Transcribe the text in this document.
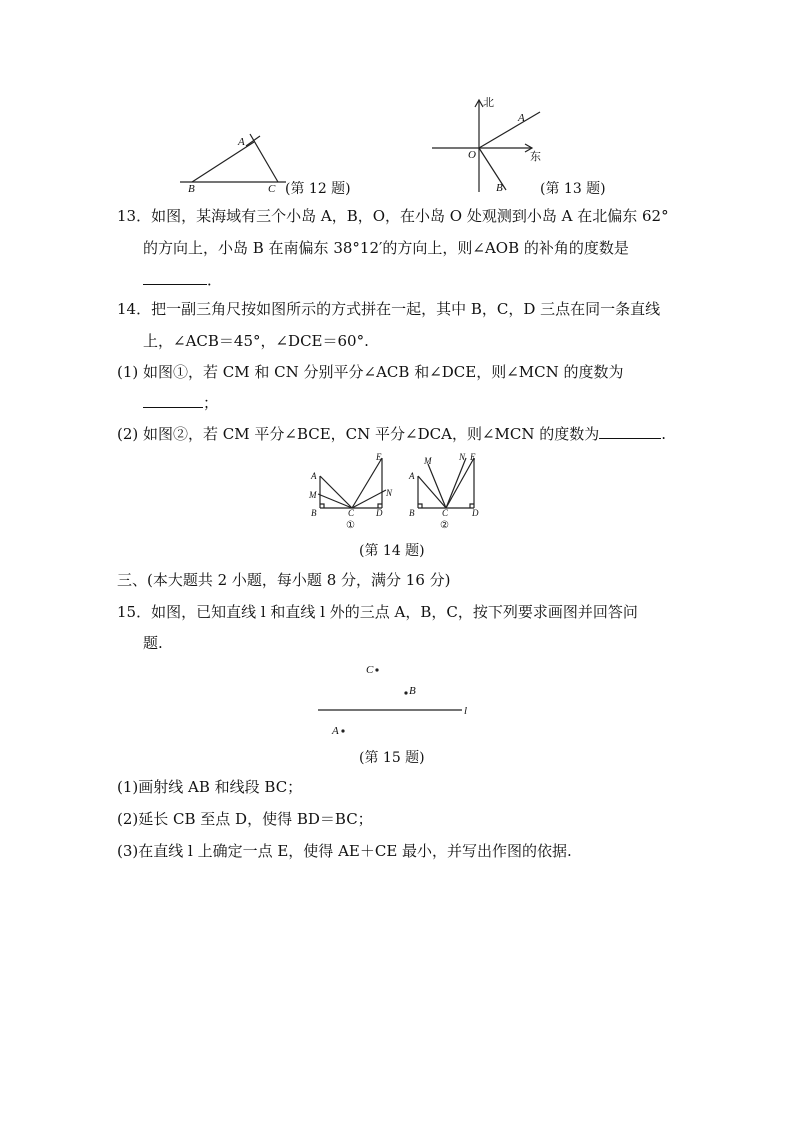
A
B	C (第 12 题)
北
东
O
A
B	(第 13 题)
13．如图，某海域有三个小岛 A，B，O，在小岛 O 处观测到小岛 A 在北偏东 62°
的方向上，小岛 B 在南偏东 38°12′的方向上，则∠AOB 的补角的度数是
．
14．把一副三角尺按如图所示的方式拼在一起，其中 B，C，D 三点在同一条直线
上，∠ACB＝45°，∠DCE＝60°.
(1) 如图①，若 CM 和 CN 分别平分∠ACB 和∠DCE，则∠MCN 的度数为
；
(2) 如图②，若 CM 平分∠BCE，CN 平分∠DCA，则∠MCN 的度数为	.
A
M
B	C D
E
N
①
A
M
B	C	D
N E
②
(第 14 题)
三、(本大题共 2 小题，每小题 8 分，满分 16 分)
15．如图，已知直线 l 和直线 l 外的三点 A，B，C，按下列要求画图并回答问
题.
C
B
A
l
(第 15 题)
(1)画射线 AB 和线段 BC；
(2)延长 CB 至点 D，使得 BD＝BC；
(3)在直线 l 上确定一点 E，使得 AE＋CE 最小，并写出作图的依据.
